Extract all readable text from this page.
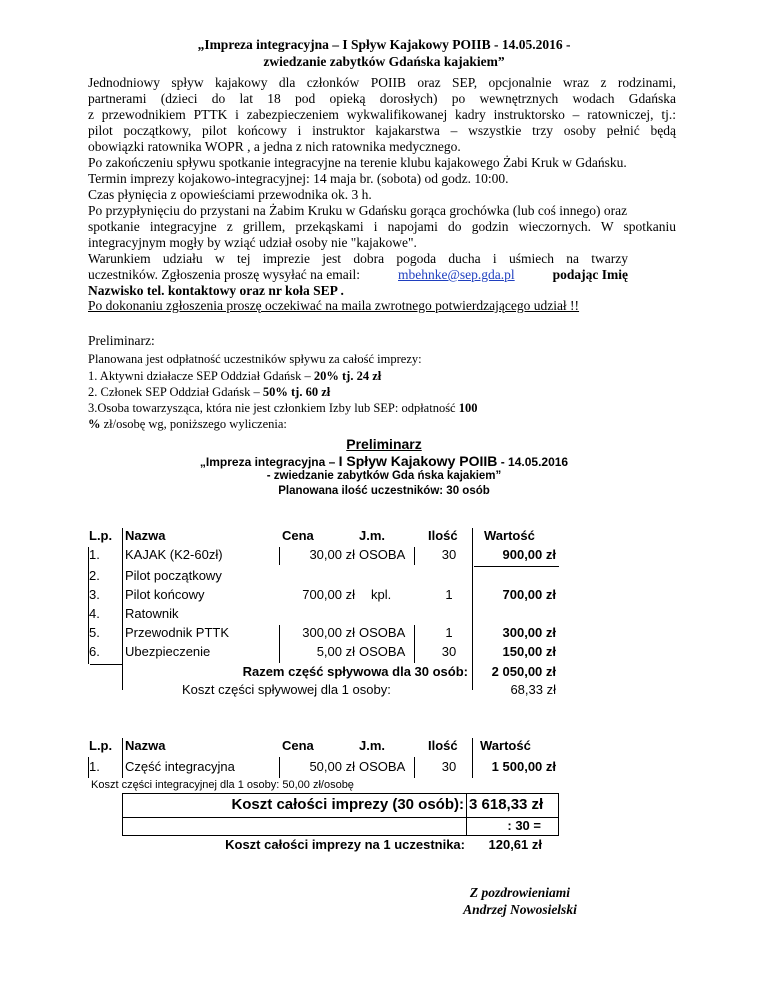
„Impreza integracyjna – I Spływ Kajakowy POIIB - 14.05.2016 -
zwiedzanie zabytków Gdańska kajakiem”
Jednodniowy spływ kajakowy dla członków POIIB oraz SEP, opcjonalnie wraz z rodzinami,
partnerami (dzieci do lat 18 pod opieką dorosłych) po wewnętrznych wodach Gdańska
z przewodnikiem PTTK i zabezpieczeniem wykwalifikowanej kadry instruktorsko – ratowniczej, tj.:
pilot początkowy, pilot końcowy i instruktor kajakarstwa – wszystkie trzy osoby pełnić będą
obowiązki ratownika WOPR , a jedna z nich ratownika medycznego.
Po zakończeniu spływu spotkanie integracyjne na terenie klubu kajakowego Żabi Kruk w Gdańsku.
Termin imprezy kojakowo-integracyjnej: 14 maja br. (sobota) od godz. 10:00.
Czas płynięcia z opowieściami przewodnika ok. 3 h.
Po przypłynięciu do przystani na Żabim Kruku w Gdańsku gorąca grochówka (lub coś innego) oraz
spotkanie integracyjne z grillem, przekąskami i napojami do godzin wieczornych. W spotkaniu
integracyjnym mogły by wziąć udział osoby nie "kajakowe".
Warunkiem udziału w tej imprezie jest dobra pogoda ducha i uśmiech na twarzy
uczestników. Zgłoszenia proszę wysyłać na email:	mbehnke@sep.gda.pl	podając Imię
Nazwisko tel. kontaktowy oraz nr koła SEP .
Po dokonaniu zgłoszenia proszę oczekiwać na maila zwrotnego potwierdzającego udział !!
Preliminarz:
Planowana jest odpłatność uczestników spływu za całość imprezy:
1. Aktywni działacze SEP Oddział Gdańsk – 20% tj. 24 zł
2. Członek SEP Oddział Gdańsk – 50% tj. 60 zł
3.Osoba towarzysząca, która nie jest członkiem Izby lub SEP: odpłatność 100
% zł/osobę wg, poniższego wyliczenia:
Preliminarz
„Impreza integracyjna – I Spływ Kajakowy POIIB - 14.05.2016
- zwiedzanie zabytków Gda ńska kajakiem”
Planowana ilość uczestników: 30 osób
L.p. Nazwa	Cena	J.m.	Ilość Wartość
1. KAJAK (K2-60zł)	30,00 zł OSOBA	30	900,00 zł
2. Pilot początkowy
3. Pilot końcowy	700,00 zł kpl.	1	700,00 zł
4. Ratownik
5. Przewodnik PTTK	300,00 zł OSOBA	1	300,00 zł
6. Ubezpieczenie	5,00 zł OSOBA	30	150,00 zł
Razem część spływowa dla 30 osób:	2 050,00 zł
Koszt części spływowej dla 1 osoby:	68,33 zł
L.p. Nazwa	Cena	J.m.	Ilość Wartość
1. Część integracyjna	50,00 zł OSOBA	30	1 500,00 zł
Koszt części integracyjnej dla 1 osoby: 50,00 zł/osobę
Koszt całości imprezy (30 osób): 3 618,33 zł
: 30 =
Koszt całości imprezy na 1 uczestnika:	120,61 zł
Z pozdrowieniami
Andrzej Nowosielski
